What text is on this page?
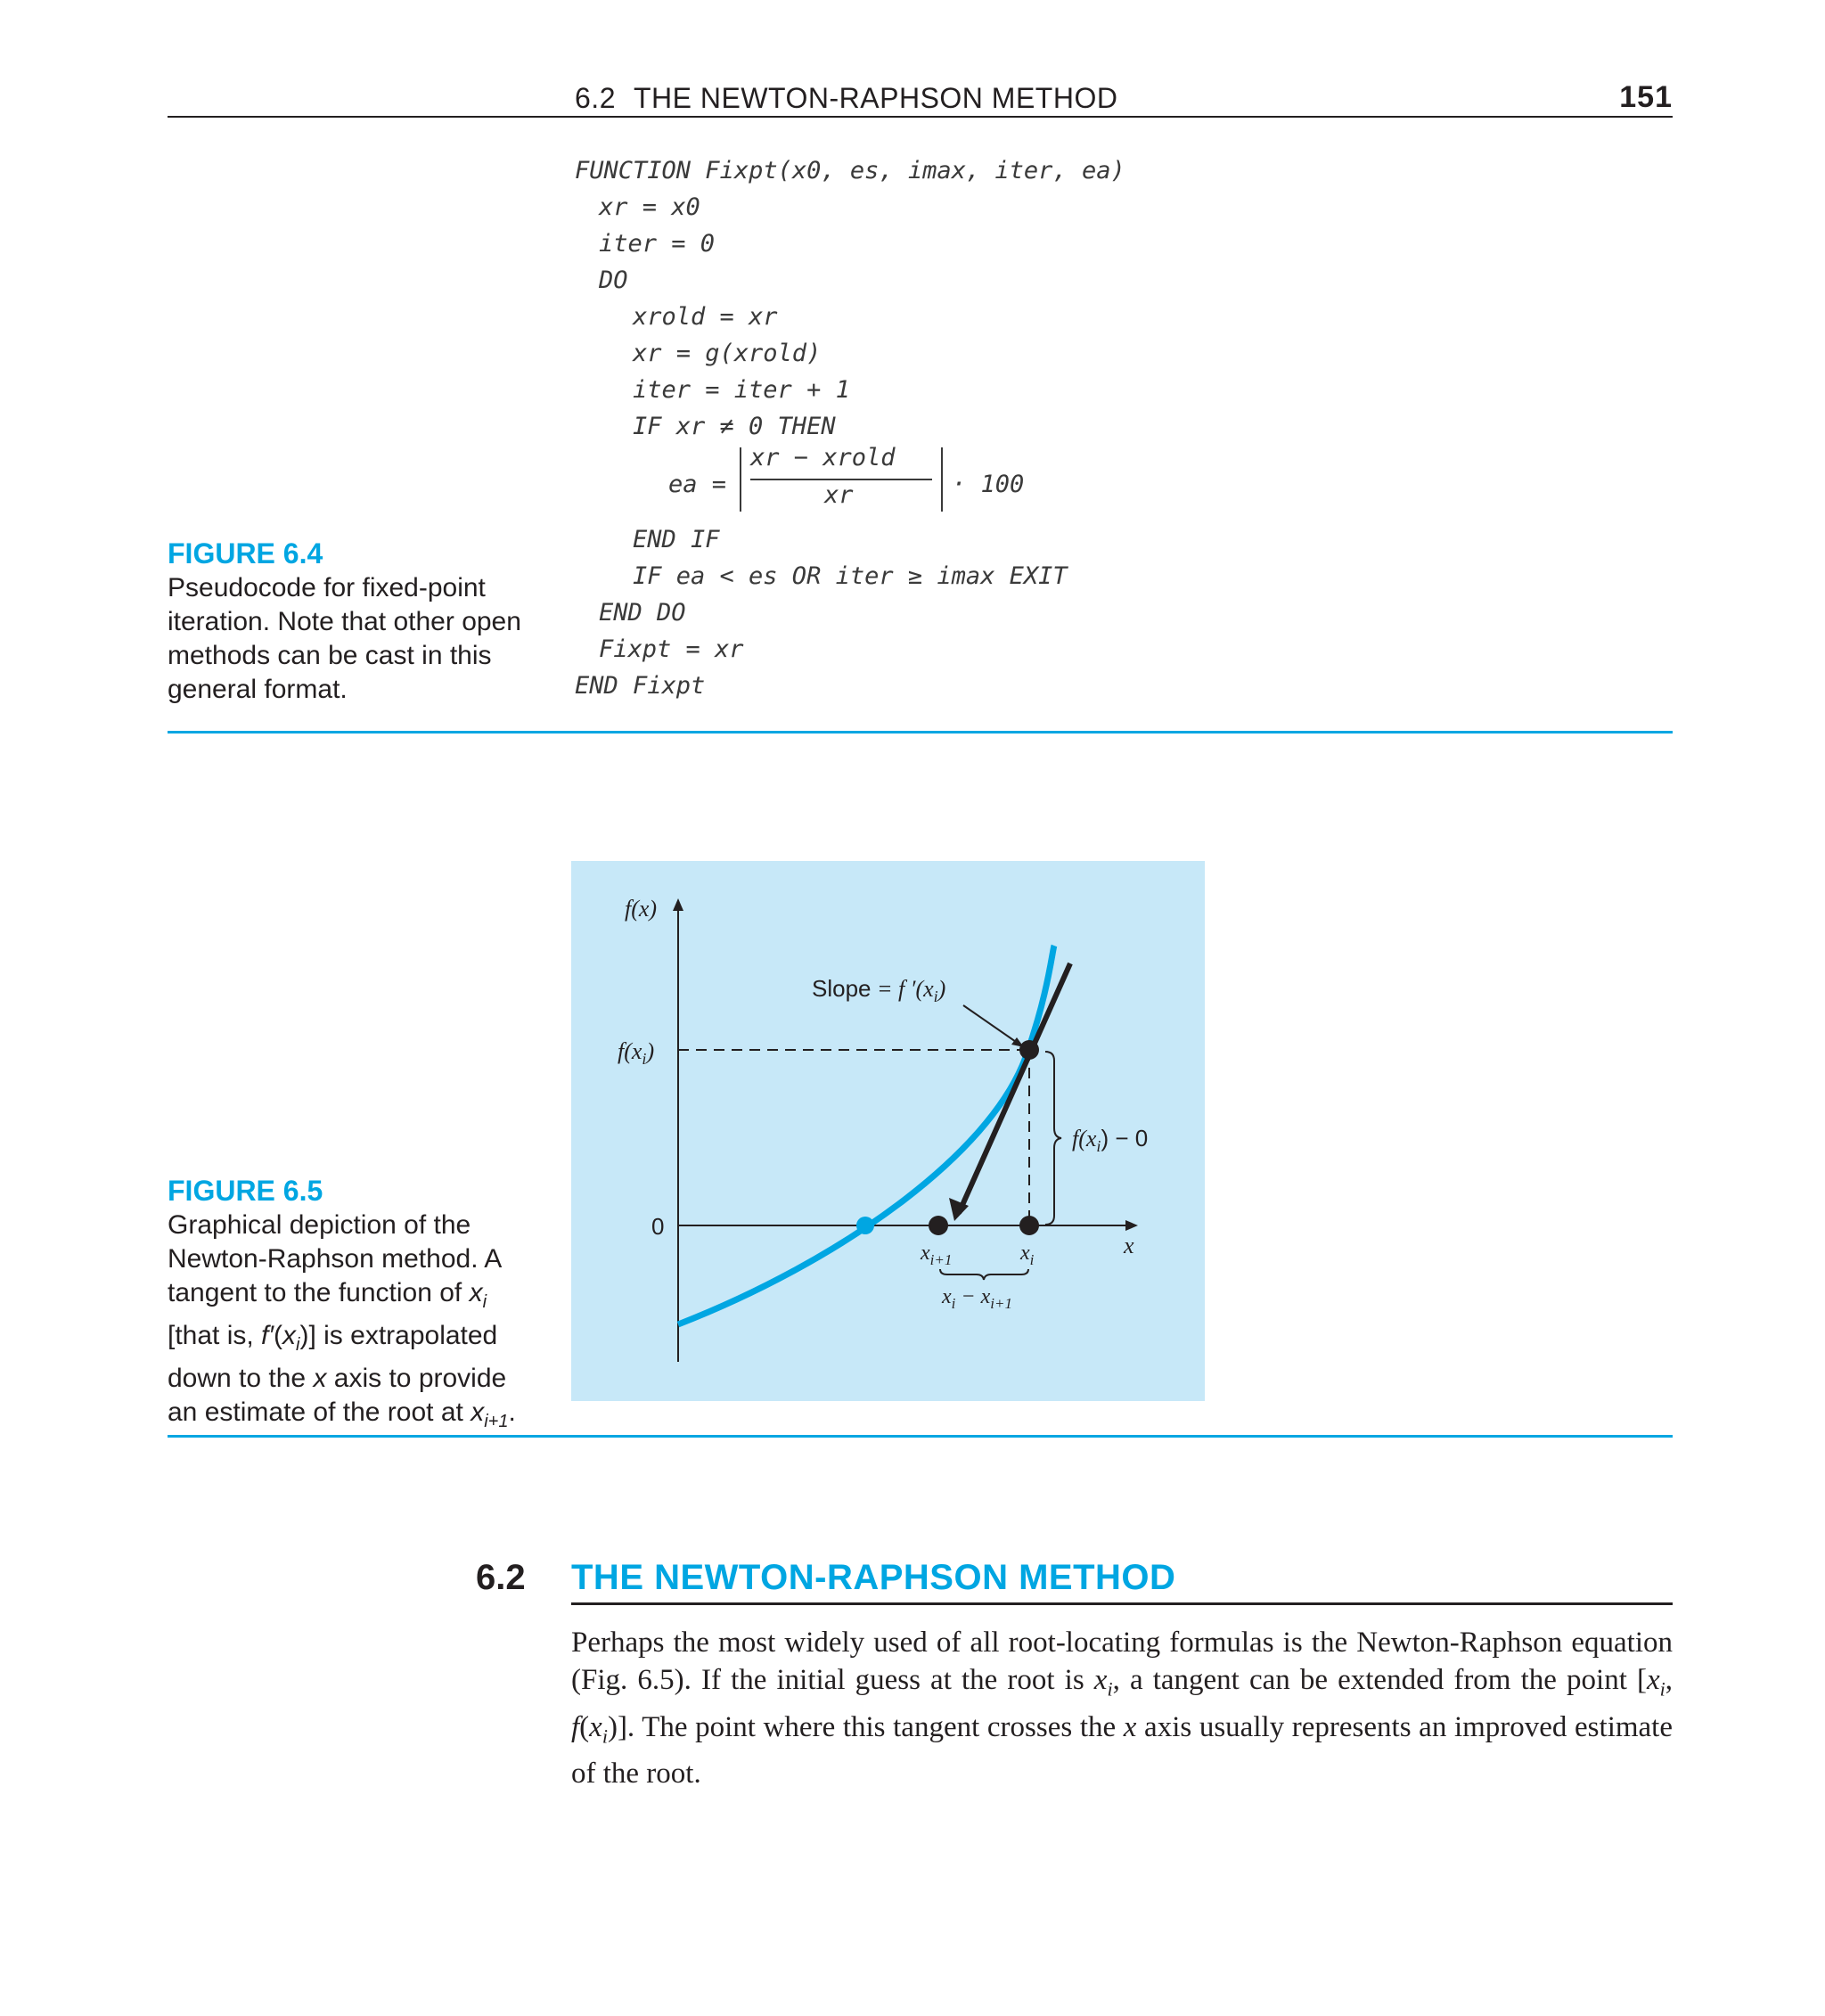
6.2 THE NEWTON-RAPHSON METHOD	151
FUNCTION Fixpt(x0, es, imax, iter, ea)
xr = x0
iter = 0
DO
xrold = xr
xr = g(xrold)
iter = iter + 1
IF xr ≠ 0 THEN
ea =
xr − xrold
xr	· 100
END IF
IF ea < es OR iter ≥ imax EXIT
END DO
Fixpt = xr
END Fixpt
FIGURE 6.4
Pseudocode for fixed-point iteration. Note that other open methods can be cast in this general format.
f(x)
$f(x_i)$
0
x
Slope = f $'(x_i)$
$x_{i+1}$	$x_i$
$x_i - x_{i+1}$
$f(x_i) - 0$
FIGURE 6.5
Graphical depiction of the Newton-Raphson method. A tangent to the function of $x_i$ [that is, $f'(x_i)$] is extrapolated down to the x axis to provide an estimate of the root at $x_{i+1}$.
6.2 THE NEWTON-RAPHSON METHOD
Perhaps the most widely used of all root-locating formulas is the Newton-Raphson equation (Fig. 6.5). If the initial guess at the root is $x_i$, a tangent can be extended from the point [$x_i$, $f(x_i)$]. The point where this tangent crosses the x axis usually represents an improved estimate of the root.
